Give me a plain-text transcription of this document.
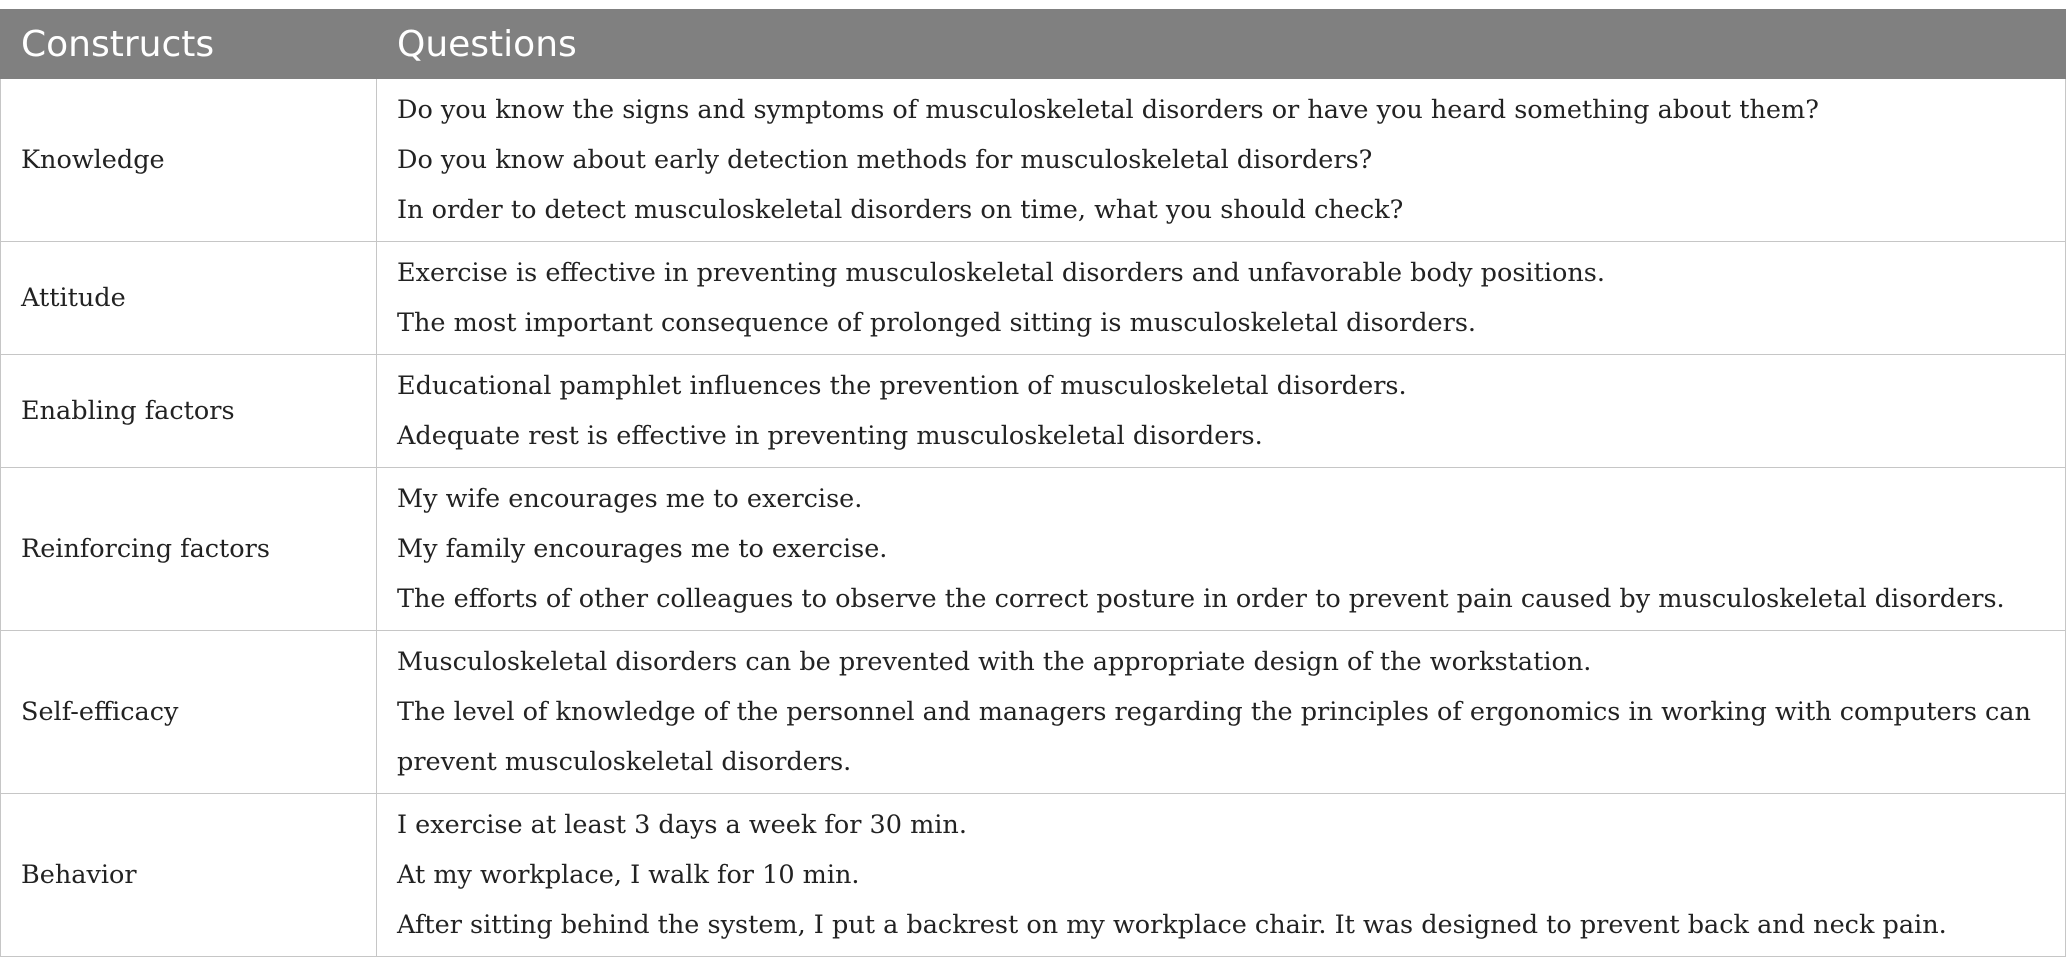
Constructs	Questions
Knowledge	Do you know the signs and symptoms of musculoskeletal disorders or have you heard something about them?
Do you know about early detection methods for musculoskeletal disorders?
In order to detect musculoskeletal disorders on time, what you should check?

Attitude	Exercise is effective in preventing musculoskeletal disorders and unfavorable body positions.
The most important consequence of prolonged sitting is musculoskeletal disorders.

Enabling factors	Educational pamphlet influences the prevention of musculoskeletal disorders.
Adequate rest is effective in preventing musculoskeletal disorders.

Reinforcing factors	My wife encourages me to exercise.
My family encourages me to exercise.
The efforts of other colleagues to observe the correct posture in order to prevent pain caused by musculoskeletal disorders.

Self-efficacy	Musculoskeletal disorders can be prevented with the appropriate design of the workstation.
The level of knowledge of the personnel and managers regarding the principles of ergonomics in working with computers can prevent musculoskeletal disorders.

Behavior	I exercise at least 3 days a week for 30 min.
At my workplace, I walk for 10 min.
After sitting behind the system, I put a backrest on my workplace chair. It was designed to prevent back and neck pain.
